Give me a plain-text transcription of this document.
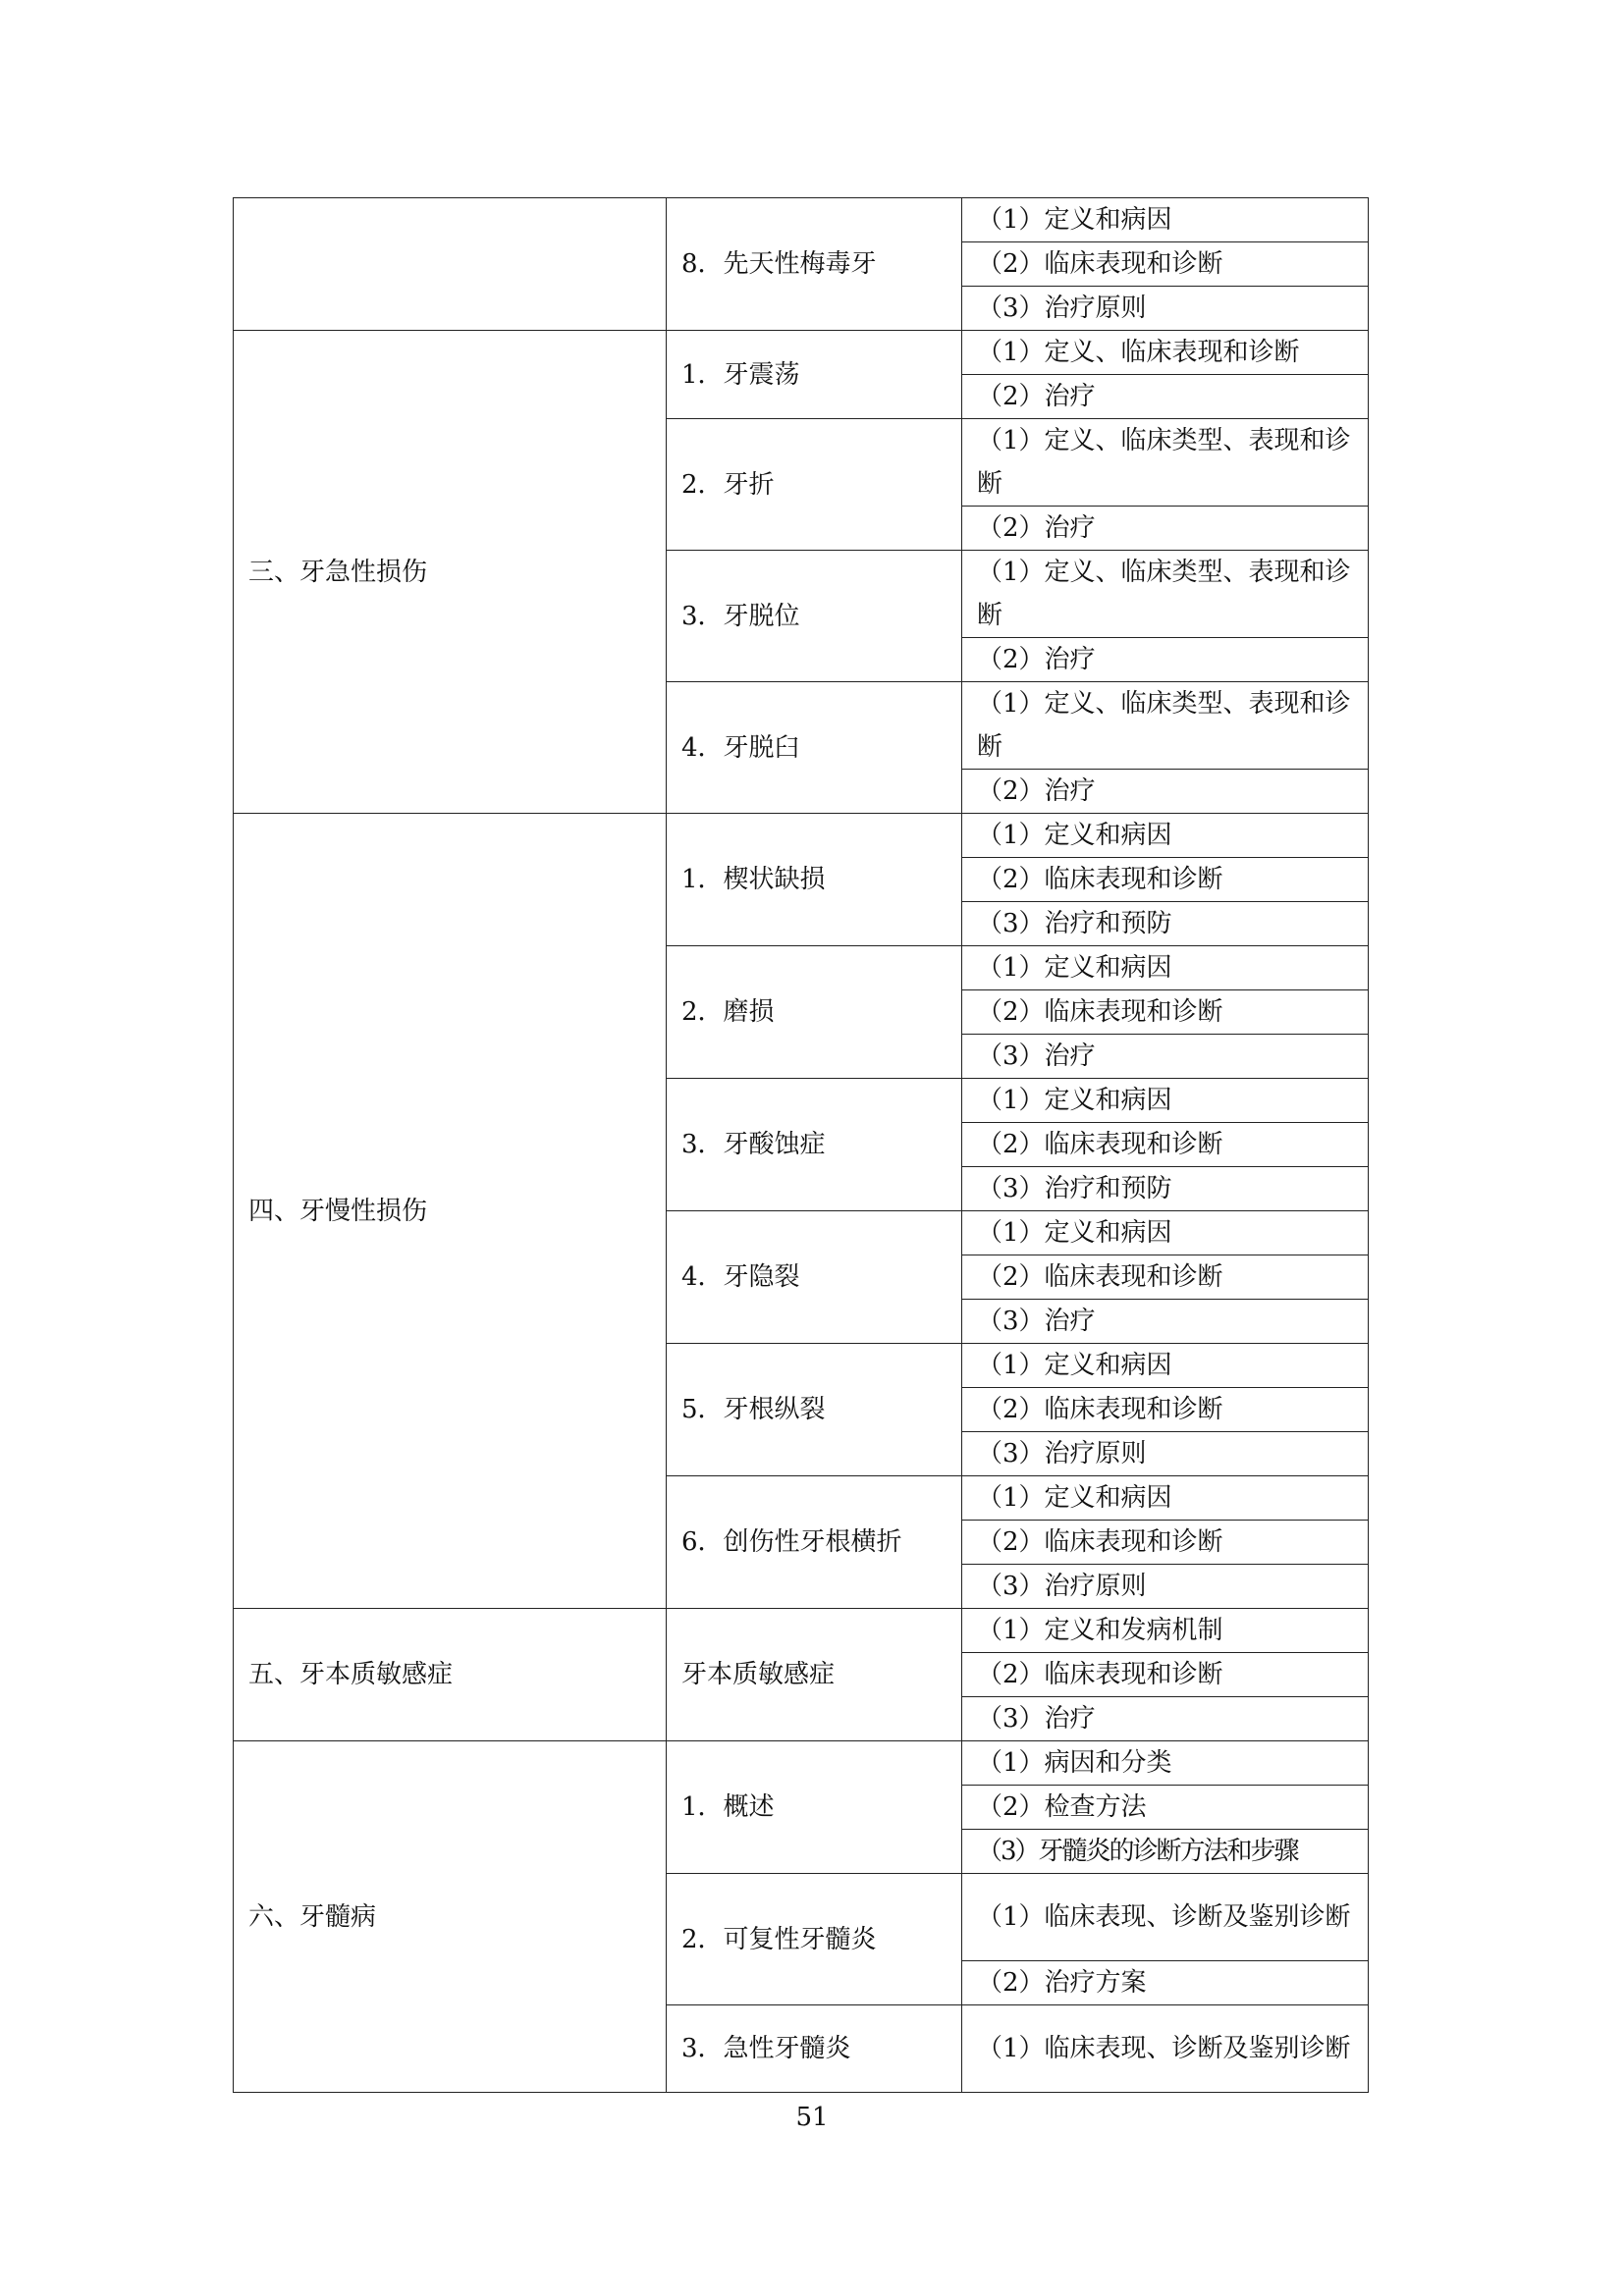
	8．先天性梅毒牙	（1）定义和病因
		（2）临床表现和诊断
		（3）治疗原则
三、牙急性损伤	1．牙震荡	（1）定义、临床表现和诊断
		（2）治疗
	2．牙折	（1）定义、临床类型、表现和诊断
		（2）治疗
	3．牙脱位	（1）定义、临床类型、表现和诊断
		（2）治疗
	4．牙脱臼	（1）定义、临床类型、表现和诊断
		（2）治疗
四、牙慢性损伤	1．楔状缺损	（1）定义和病因
		（2）临床表现和诊断
		（3）治疗和预防
	2．磨损	（1）定义和病因
		（2）临床表现和诊断
		（3）治疗
	3．牙酸蚀症	（1）定义和病因
		（2）临床表现和诊断
		（3）治疗和预防
	4．牙隐裂	（1）定义和病因
		（2）临床表现和诊断
		（3）治疗
	5．牙根纵裂	（1）定义和病因
		（2）临床表现和诊断
		（3）治疗原则
	6．创伤性牙根横折	（1）定义和病因
		（2）临床表现和诊断
		（3）治疗原则
五、牙本质敏感症	牙本质敏感症	（1）定义和发病机制
		（2）临床表现和诊断
		（3）治疗
六、牙髓病	1．概述	（1）病因和分类
		（2）检查方法
		（3）牙髓炎的诊断方法和步骤
	2．可复性牙髓炎	（1）临床表现、诊断及鉴别诊断
		（2）治疗方案
	3．急性牙髓炎	（1）临床表现、诊断及鉴别诊断
51
